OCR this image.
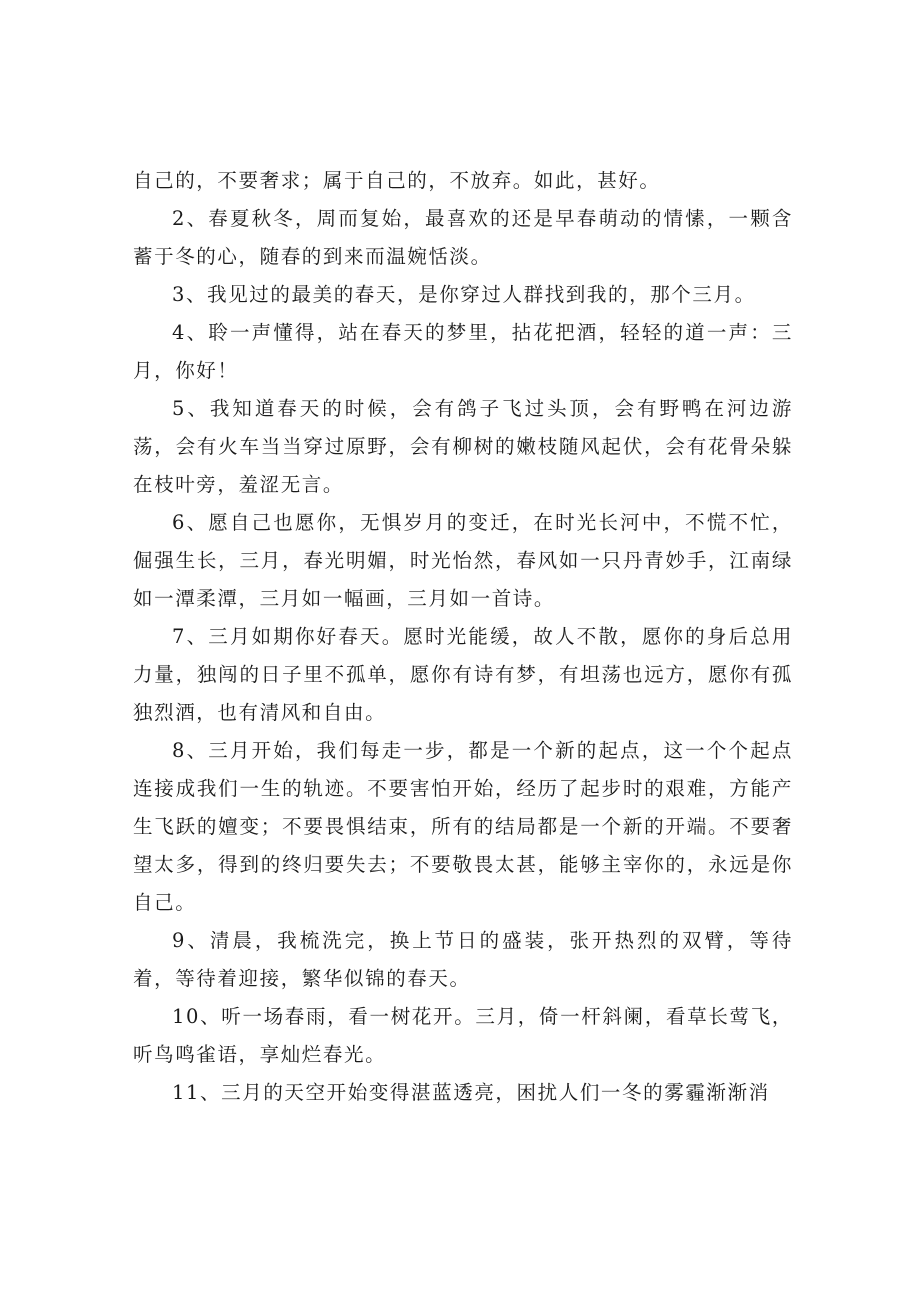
自己的，不要奢求；属于自己的，不放弃。如此，甚好。

2、春夏秋冬，周而复始，最喜欢的还是早春萌动的情愫，一颗含蓄于冬的心，随春的到来而温婉恬淡。

3、我见过的最美的春天，是你穿过人群找到我的，那个三月。

4、聆一声懂得，站在春天的梦里，拈花把酒，轻轻的道一声：三月，你好！

5、我知道春天的时候，会有鸽子飞过头顶，会有野鸭在河边游荡，会有火车当当穿过原野，会有柳树的嫩枝随风起伏，会有花骨朵躲在枝叶旁，羞涩无言。

6、愿自己也愿你，无惧岁月的变迁，在时光长河中，不慌不忙，倔强生长，三月，春光明媚，时光怡然，春风如一只丹青妙手，江南绿如一潭柔潭，三月如一幅画，三月如一首诗。

7、三月如期你好春天。愿时光能缓，故人不散，愿你的身后总用力量，独闯的日子里不孤单，愿你有诗有梦，有坦荡也远方，愿你有孤独烈酒，也有清风和自由。

8、三月开始，我们每走一步，都是一个新的起点，这一个个起点连接成我们一生的轨迹。不要害怕开始，经历了起步时的艰难，方能产生飞跃的嬗变；不要畏惧结束，所有的结局都是一个新的开端。不要奢望太多，得到的终归要失去；不要敬畏太甚，能够主宰你的，永远是你自己。

9、清晨，我梳洗完，换上节日的盛装，张开热烈的双臂，等待着，等待着迎接，繁华似锦的春天。

10、听一场春雨，看一树花开。三月，倚一杆斜阑，看草长莺飞，听鸟鸣雀语，享灿烂春光。

11、三月的天空开始变得湛蓝透亮，困扰人们一冬的雾霾渐渐消
